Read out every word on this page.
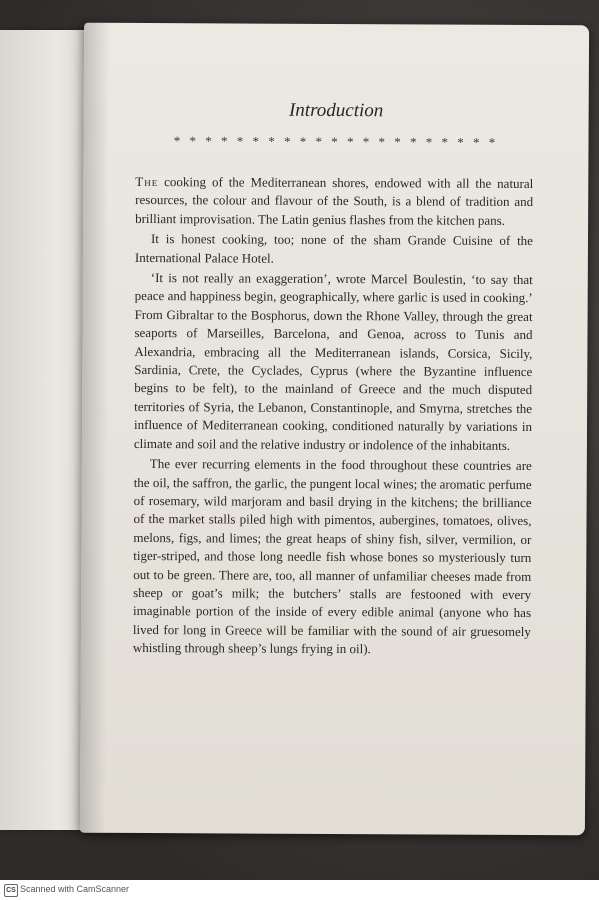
Introduction
* * * * * * * * * * * * * * * * * * * * *

The cooking of the Mediterranean shores, endowed with all the natural resources, the colour and flavour of the South, is a blend of tradition and brilliant improvisation. The Latin genius flashes from the kitchen pans.

It is honest cooking, too; none of the sham Grande Cuisine of the International Palace Hotel.

‘It is not really an exaggeration’, wrote Marcel Boulestin, ‘to say that peace and happiness begin, geographically, where garlic is used in cooking.’ From Gibraltar to the Bosphorus, down the Rhone Valley, through the great seaports of Marseilles, Barcelona, and Genoa, across to Tunis and Alexandria, embracing all the Mediterranean islands, Corsica, Sicily, Sardinia, Crete, the Cyclades, Cyprus (where the Byzantine influence begins to be felt), to the mainland of Greece and the much disputed territories of Syria, the Lebanon, Constantinople, and Smyrna, stretches the influence of Mediterranean cooking, conditioned naturally by variations in climate and soil and the relative industry or indolence of the inhabitants.

The ever recurring elements in the food throughout these countries are the oil, the saffron, the garlic, the pungent local wines; the aromatic perfume of rosemary, wild marjoram and basil drying in the kitchens; the brilliance of the market stalls piled high with pimentos, aubergines, tomatoes, olives, melons, figs, and limes; the great heaps of shiny fish, silver, vermilion, or tiger-striped, and those long needle fish whose bones so mysteriously turn out to be green. There are, too, all manner of unfamiliar cheeses made from sheep or goat’s milk; the butchers’ stalls are festooned with every imaginable portion of the inside of every edible animal (anyone who has lived for long in Greece will be familiar with the sound of air gruesomely whistling through sheep’s lungs frying in oil).

CS Scanned with CamScanner
